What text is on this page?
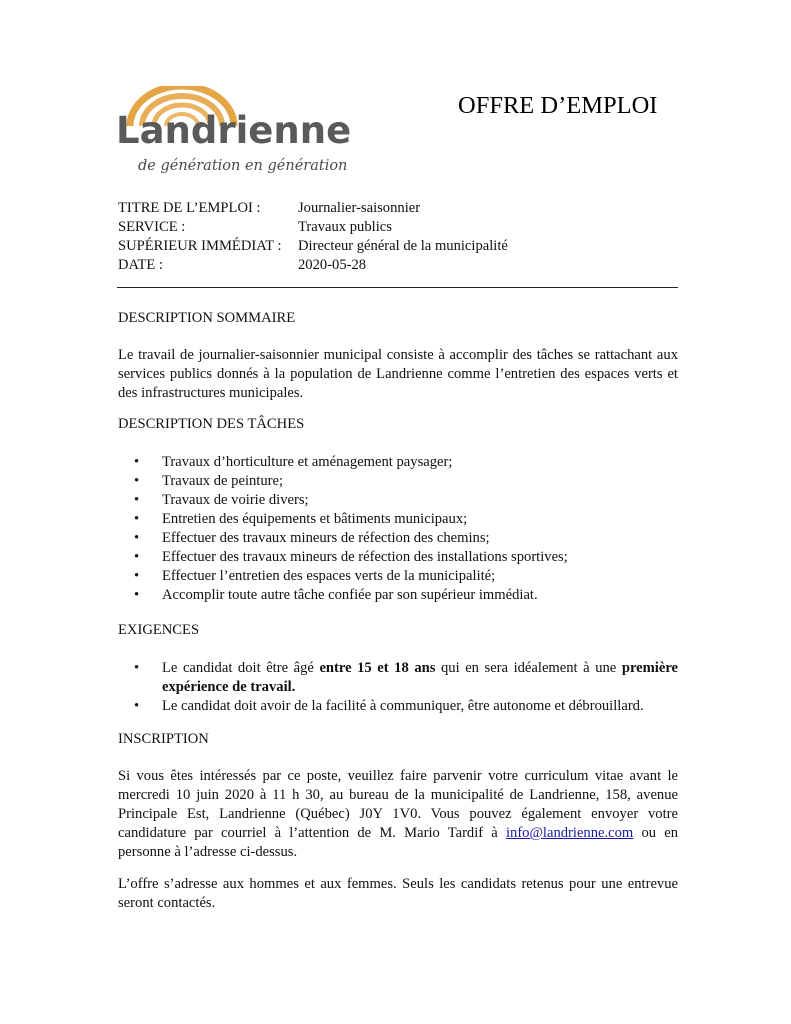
Landrienne
de génération en génération
OFFRE D’EMPLOI
TITRE DE L’EMPLOI :	Journalier-saisonnier
SERVICE :	Travaux publics
SUPÉRIEUR IMMÉDIAT :	Directeur général de la municipalité
DATE :	2020-05-28
DESCRIPTION SOMMAIRE
Le travail de journalier-saisonnier municipal consiste à accomplir des tâches se rattachant aux services publics donnés à la population de Landrienne comme l’entretien des espaces verts et des infrastructures municipales.
DESCRIPTION DES TÂCHES
• Travaux d’horticulture et aménagement paysager;
• Travaux de peinture;
• Travaux de voirie divers;
• Entretien des équipements et bâtiments municipaux;
• Effectuer des travaux mineurs de réfection des chemins;
• Effectuer des travaux mineurs de réfection des installations sportives;
• Effectuer l’entretien des espaces verts de la municipalité;
• Accomplir toute autre tâche confiée par son supérieur immédiat.
EXIGENCES
• Le candidat doit être âgé entre 15 et 18 ans qui en sera idéalement à une première expérience de travail.
• Le candidat doit avoir de la facilité à communiquer, être autonome et débrouillard.
INSCRIPTION
Si vous êtes intéressés par ce poste, veuillez faire parvenir votre curriculum vitae avant le mercredi 10 juin 2020 à 11 h 30, au bureau de la municipalité de Landrienne, 158, avenue Principale Est, Landrienne (Québec) J0Y 1V0. Vous pouvez également envoyer votre candidature par courriel à l’attention de M. Mario Tardif à info@landrienne.com ou en personne à l’adresse ci-dessus.
L’offre s’adresse aux hommes et aux femmes. Seuls les candidats retenus pour une entrevue seront contactés.
